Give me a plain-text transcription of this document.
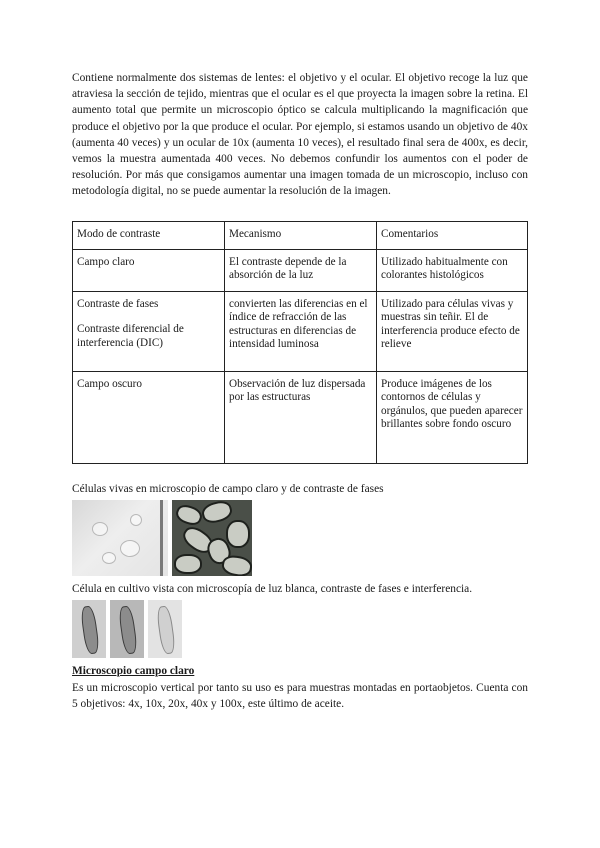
Contiene normalmente dos sistemas de lentes: el objetivo y el ocular. El objetivo recoge la luz que atraviesa la sección de tejido, mientras que el ocular es el que proyecta la imagen sobre la retina. El aumento total que permite un microscopio óptico se calcula multiplicando la magnificación que produce el objetivo por la que produce el ocular. Por ejemplo, si estamos usando un objetivo de 40x (aumenta 40 veces) y un ocular de 10x (aumenta 10 veces), el resultado final sera de 400x, es decir, vemos la muestra aumentada 400 veces. No debemos confundir los aumentos con el poder de resolución. Por más que consigamos aumentar una imagen tomada de un microscopio, incluso con metodología digital, no se puede aumentar la resolución de la imagen.

Modo de contraste	Mecanismo	Comentarios

Campo claro	El contraste depende de la absorción de la luz	Utilizado habitualmente con colorantes histológicos

Contraste de fases

Contraste diferencial de interferencia (DIC)	convierten las diferencias en el índice de refracción de las estructuras en diferencias de intensidad luminosa	Utilizado para células vivas y muestras sin teñir. El de interferencia produce efecto de relieve

Campo oscuro	Observación de luz dispersada por las estructuras	Produce imágenes de los contornos de células y orgánulos, que pueden aparecer brillantes sobre fondo oscuro

Células vivas en microscopio de campo claro y de contraste de fases

Célula en cultivo vista con microscopía de luz blanca, contraste de fases e interferencia.

Microscopio campo claro

Es un microscopio vertical por tanto su uso es para muestras montadas en portaobjetos. Cuenta con 5 objetivos: 4x, 10x, 20x, 40x y 100x, este último de aceite.
